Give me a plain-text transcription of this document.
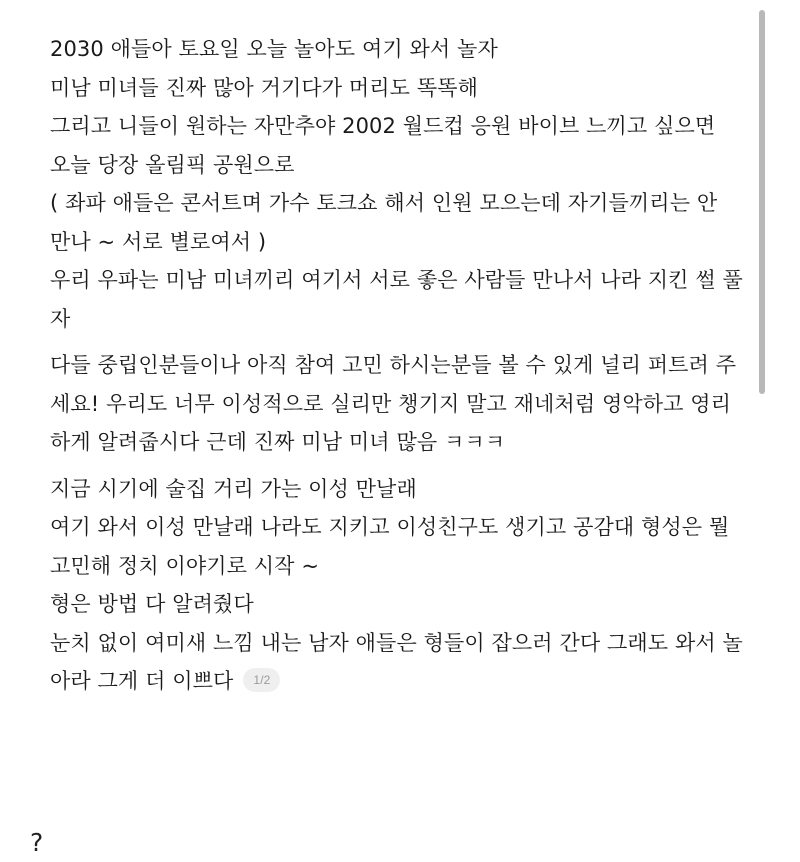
2030 애들아 토요일 오늘 놀아도 여기 와서 놀자
미남 미녀들 진짜 많아 거기다가 머리도 똑똑해
그리고 니들이 원하는 자만추야 2002 월드컵 응원 바이브 느끼고 싶으면
오늘 당장 올림픽 공원으로
( 좌파 애들은 콘서트며 가수 토크쇼 해서 인원 모으는데 자기들끼리는 안
만나 ~ 서로 별로여서 )
우리 우파는 미남 미녀끼리 여기서 서로 좋은 사람들 만나서 나라 지킨 썰 풀
자
다들 중립인분들이나 아직 참여 고민 하시는분들 볼 수 있게 널리 퍼트려 주
세요! 우리도 너무 이성적으로 실리만 챙기지 말고 재네처럼 영악하고 영리
하게 알려줍시다 근데 진짜 미남 미녀 많음 ㅋㅋㅋ
지금 시기에 술집 거리 가는 이성 만날래
여기 와서 이성 만날래 나라도 지키고 이성친구도 생기고 공감대 형성은 뭘
고민해 정치 이야기로 시작 ~
형은 방법 다 알려줬다
눈치 없이 여미새 느낌 내는 남자 애들은 형들이 잡으러 간다 그래도 와서 놀
아라 그게 더 이쁘다 1/2
?
